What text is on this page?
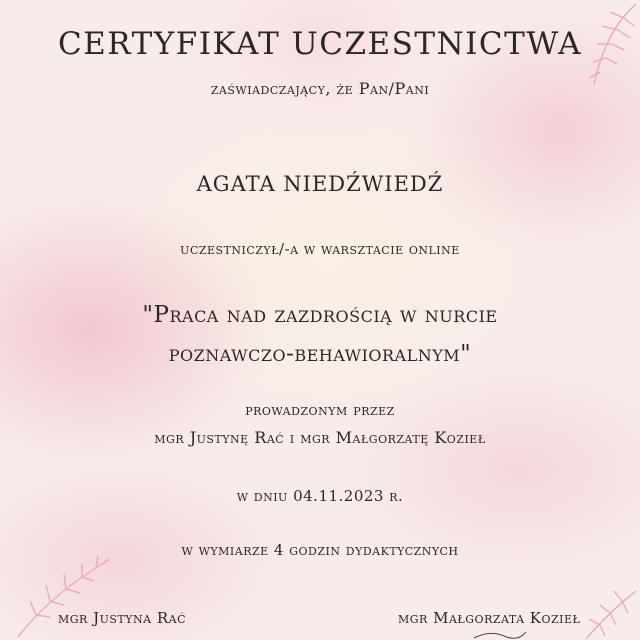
CERTYFIKAT UCZESTNICTWA
zaświadczający, że Pan/Pani
AGATA NIEDŹWIEDŹ
uczestniczył/-a w warsztacie online
"Praca nad zazdrością w nurcie
poznawczo-behawioralnym"
prowadzonym przez
mgr Justynę Rać i mgr Małgorzatę Kozieł
w dniu 04.11.2023 r.
w wymiarze 4 godzin dydaktycznych
mgr Justyna Rać	mgr Małgorzata Kozieł
